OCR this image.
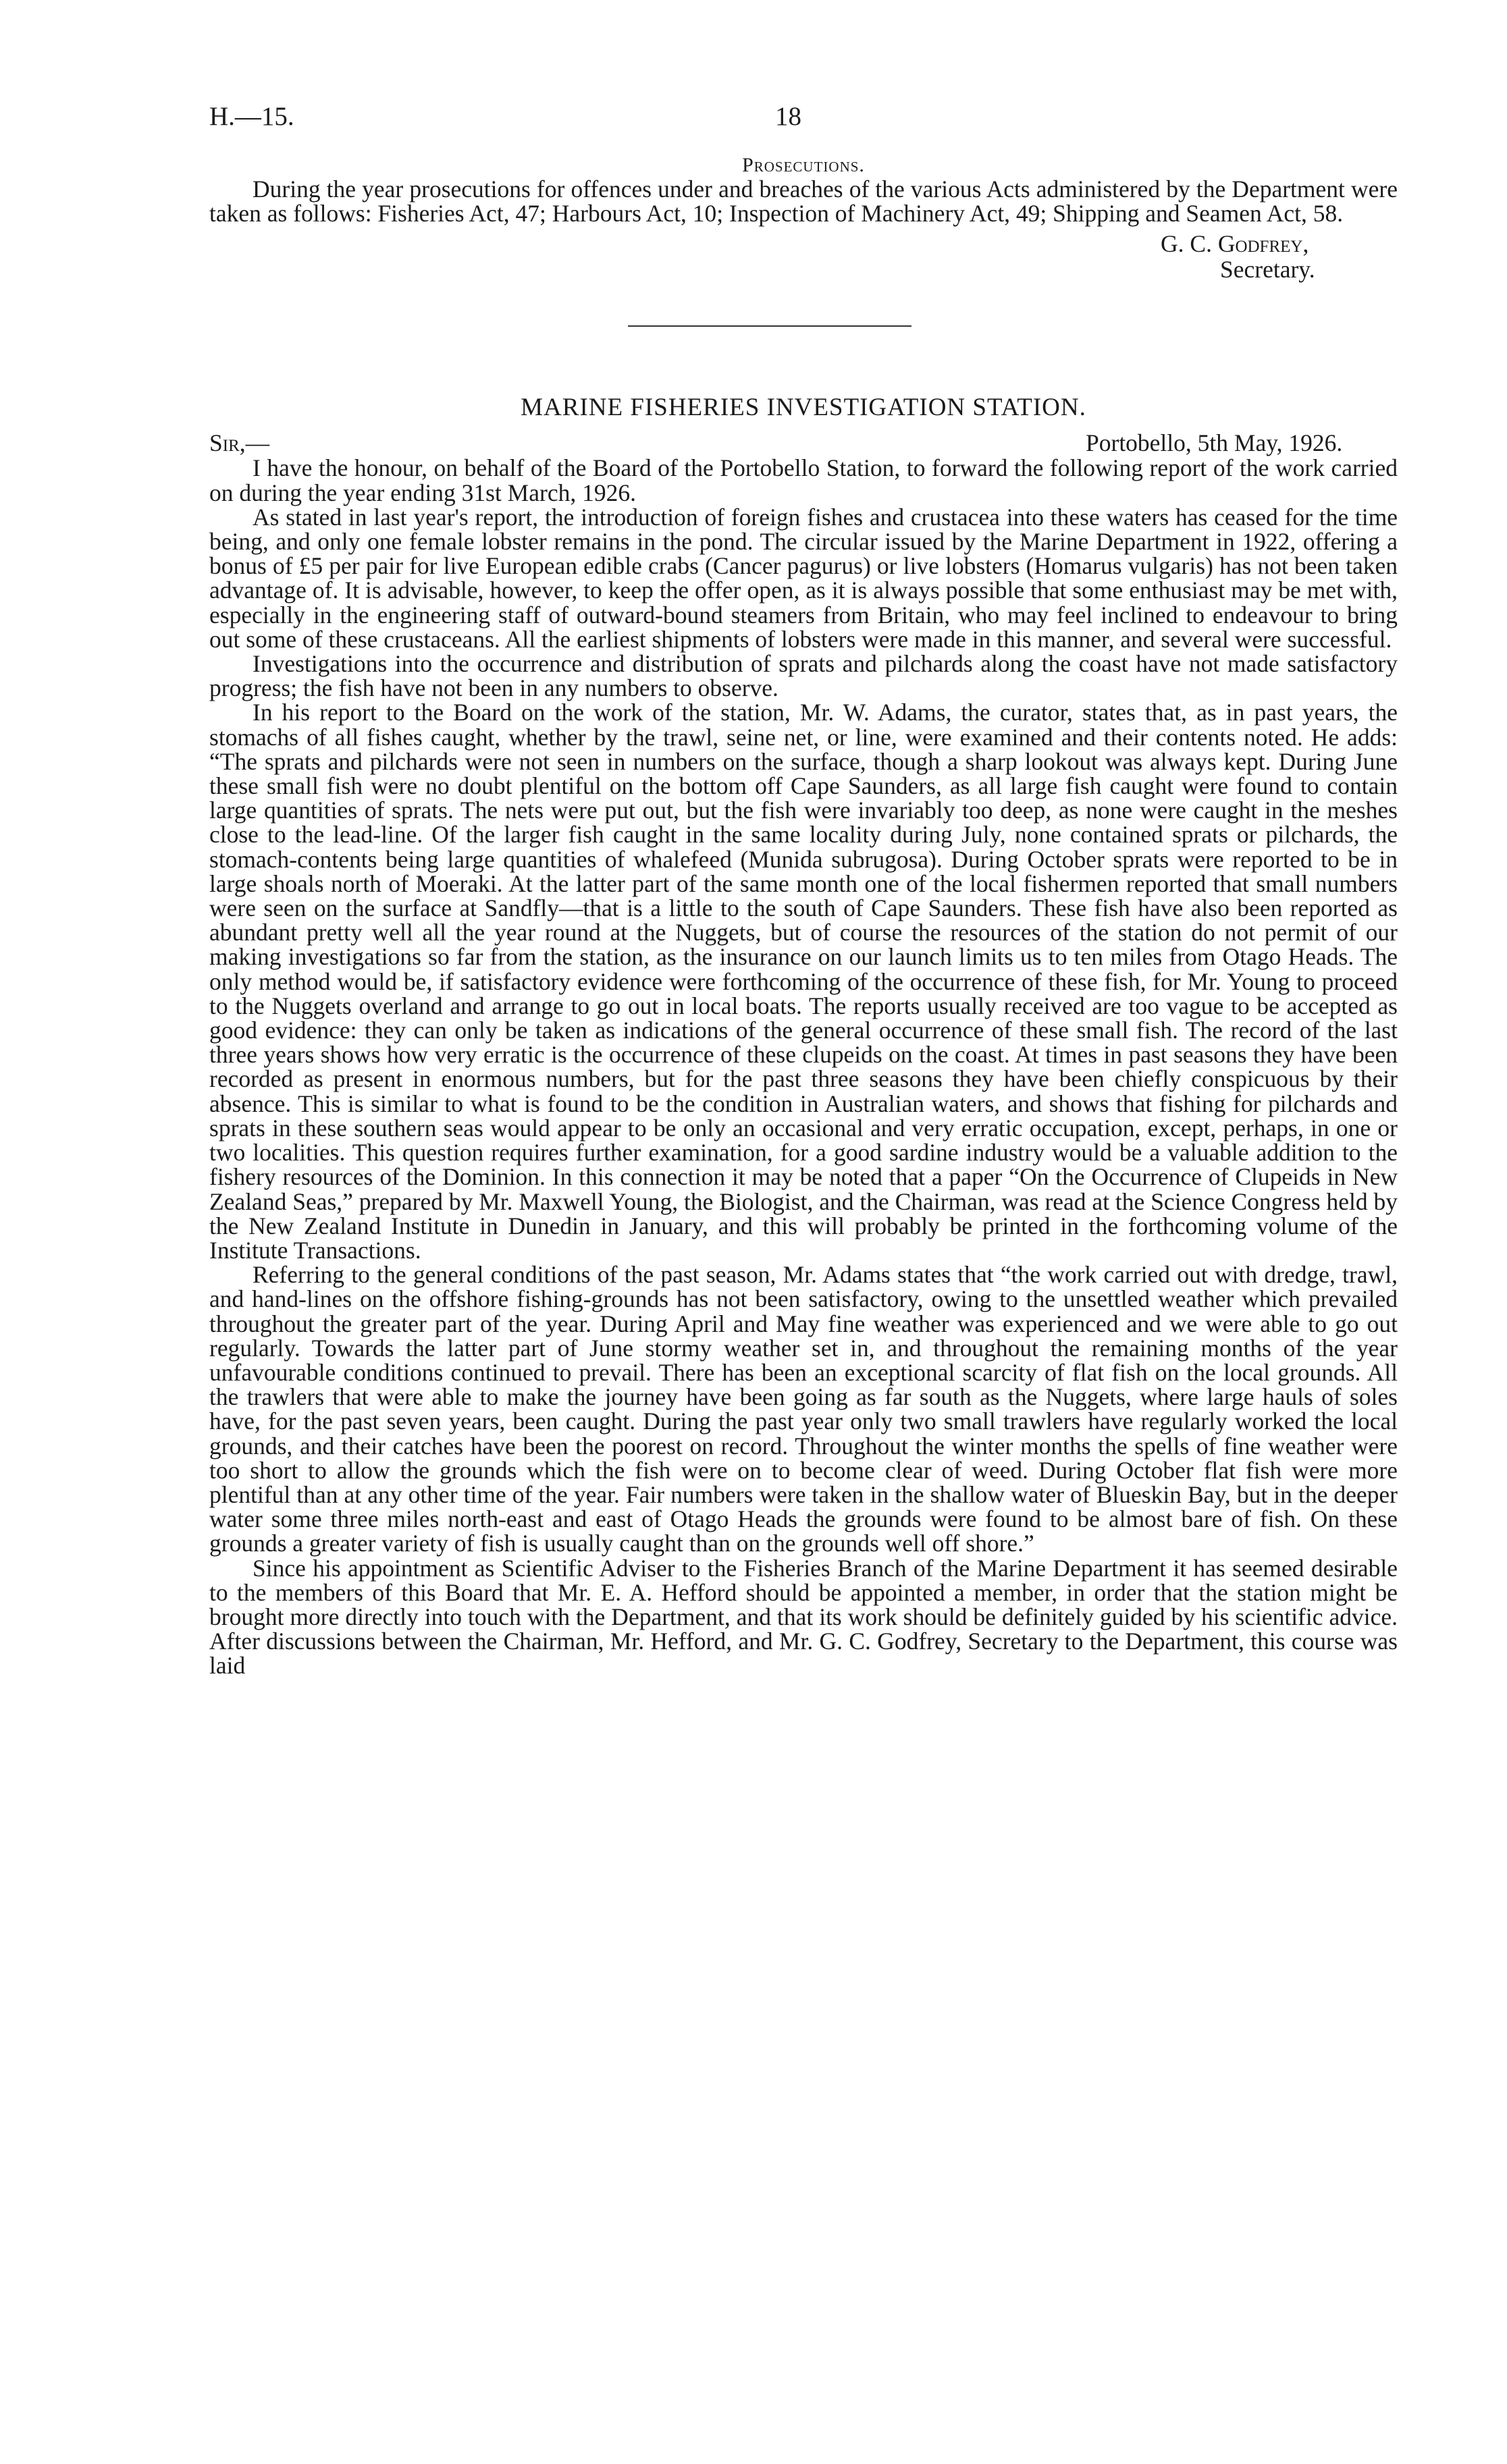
H.—15.	18
Prosecutions.

During the year prosecutions for offences under and breaches of the various Acts administered by the Department were taken as follows: Fisheries Act, 47; Harbours Act, 10; Inspection of Machinery Act, 49; Shipping and Seamen Act, 58.

G. C. Godfrey,
Secretary.
MARINE FISHERIES INVESTIGATION STATION.
Sir,—	Portobello, 5th May, 1926.

I have the honour, on behalf of the Board of the Portobello Station, to forward the following report of the work carried on during the year ending 31st March, 1926.

As stated in last year's report, the introduction of foreign fishes and crustacea into these waters has ceased for the time being, and only one female lobster remains in the pond. The circular issued by the Marine Department in 1922, offering a bonus of £5 per pair for live European edible crabs (Cancer pagurus) or live lobsters (Homarus vulgaris) has not been taken advantage of. It is advisable, however, to keep the offer open, as it is always possible that some enthusiast may be met with, especially in the engineering staff of outward-bound steamers from Britain, who may feel inclined to endeavour to bring out some of these crustaceans. All the earliest shipments of lobsters were made in this manner, and several were successful.

Investigations into the occurrence and distribution of sprats and pilchards along the coast have not made satisfactory progress; the fish have not been in any numbers to observe.

In his report to the Board on the work of the station, Mr. W. Adams, the curator, states that, as in past years, the stomachs of all fishes caught, whether by the trawl, seine net, or line, were examined and their contents noted. He adds: “The sprats and pilchards were not seen in numbers on the surface, though a sharp lookout was always kept. During June these small fish were no doubt plentiful on the bottom off Cape Saunders, as all large fish caught were found to contain large quantities of sprats. The nets were put out, but the fish were invariably too deep, as none were caught in the meshes close to the lead-line. Of the larger fish caught in the same locality during July, none contained sprats or pilchards, the stomach-contents being large quantities of whalefeed (Munida subrugosa). During October sprats were reported to be in large shoals north of Moeraki. At the latter part of the same month one of the local fishermen reported that small numbers were seen on the surface at Sandfly—that is a little to the south of Cape Saunders. These fish have also been reported as abundant pretty well all the year round at the Nuggets, but of course the resources of the station do not permit of our making investigations so far from the station, as the insurance on our launch limits us to ten miles from Otago Heads. The only method would be, if satisfactory evidence were forthcoming of the occurrence of these fish, for Mr. Young to proceed to the Nuggets overland and arrange to go out in local boats. The reports usually received are too vague to be accepted as good evidence: they can only be taken as indications of the general occurrence of these small fish. The record of the last three years shows how very erratic is the occurrence of these clupeids on the coast. At times in past seasons they have been recorded as present in enormous numbers, but for the past three seasons they have been chiefly conspicuous by their absence. This is similar to what is found to be the condition in Australian waters, and shows that fishing for pilchards and sprats in these southern seas would appear to be only an occasional and very erratic occupation, except, perhaps, in one or two localities. This question requires further examination, for a good sardine industry would be a valuable addition to the fishery resources of the Dominion. In this connection it may be noted that a paper “On the Occurrence of Clupeids in New Zealand Seas,” prepared by Mr. Maxwell Young, the Biologist, and the Chairman, was read at the Science Congress held by the New Zealand Institute in Dunedin in January, and this will probably be printed in the forthcoming volume of the Institute Transactions.

Referring to the general conditions of the past season, Mr. Adams states that “the work carried out with dredge, trawl, and hand-lines on the offshore fishing-grounds has not been satisfactory, owing to the unsettled weather which prevailed throughout the greater part of the year. During April and May fine weather was experienced and we were able to go out regularly. Towards the latter part of June stormy weather set in, and throughout the remaining months of the year unfavourable conditions continued to prevail. There has been an exceptional scarcity of flat fish on the local grounds. All the trawlers that were able to make the journey have been going as far south as the Nuggets, where large hauls of soles have, for the past seven years, been caught. During the past year only two small trawlers have regularly worked the local grounds, and their catches have been the poorest on record. Throughout the winter months the spells of fine weather were too short to allow the grounds which the fish were on to become clear of weed. During October flat fish were more plentiful than at any other time of the year. Fair numbers were taken in the shallow water of Blueskin Bay, but in the deeper water some three miles north-east and east of Otago Heads the grounds were found to be almost bare of fish. On these grounds a greater variety of fish is usually caught than on the grounds well off shore.”

Since his appointment as Scientific Adviser to the Fisheries Branch of the Marine Department it has seemed desirable to the members of this Board that Mr. E. A. Hefford should be appointed a member, in order that the station might be brought more directly into touch with the Department, and that its work should be definitely guided by his scientific advice. After discussions between the Chairman, Mr. Hefford, and Mr. G. C. Godfrey, Secretary to the Department, this course was laid
